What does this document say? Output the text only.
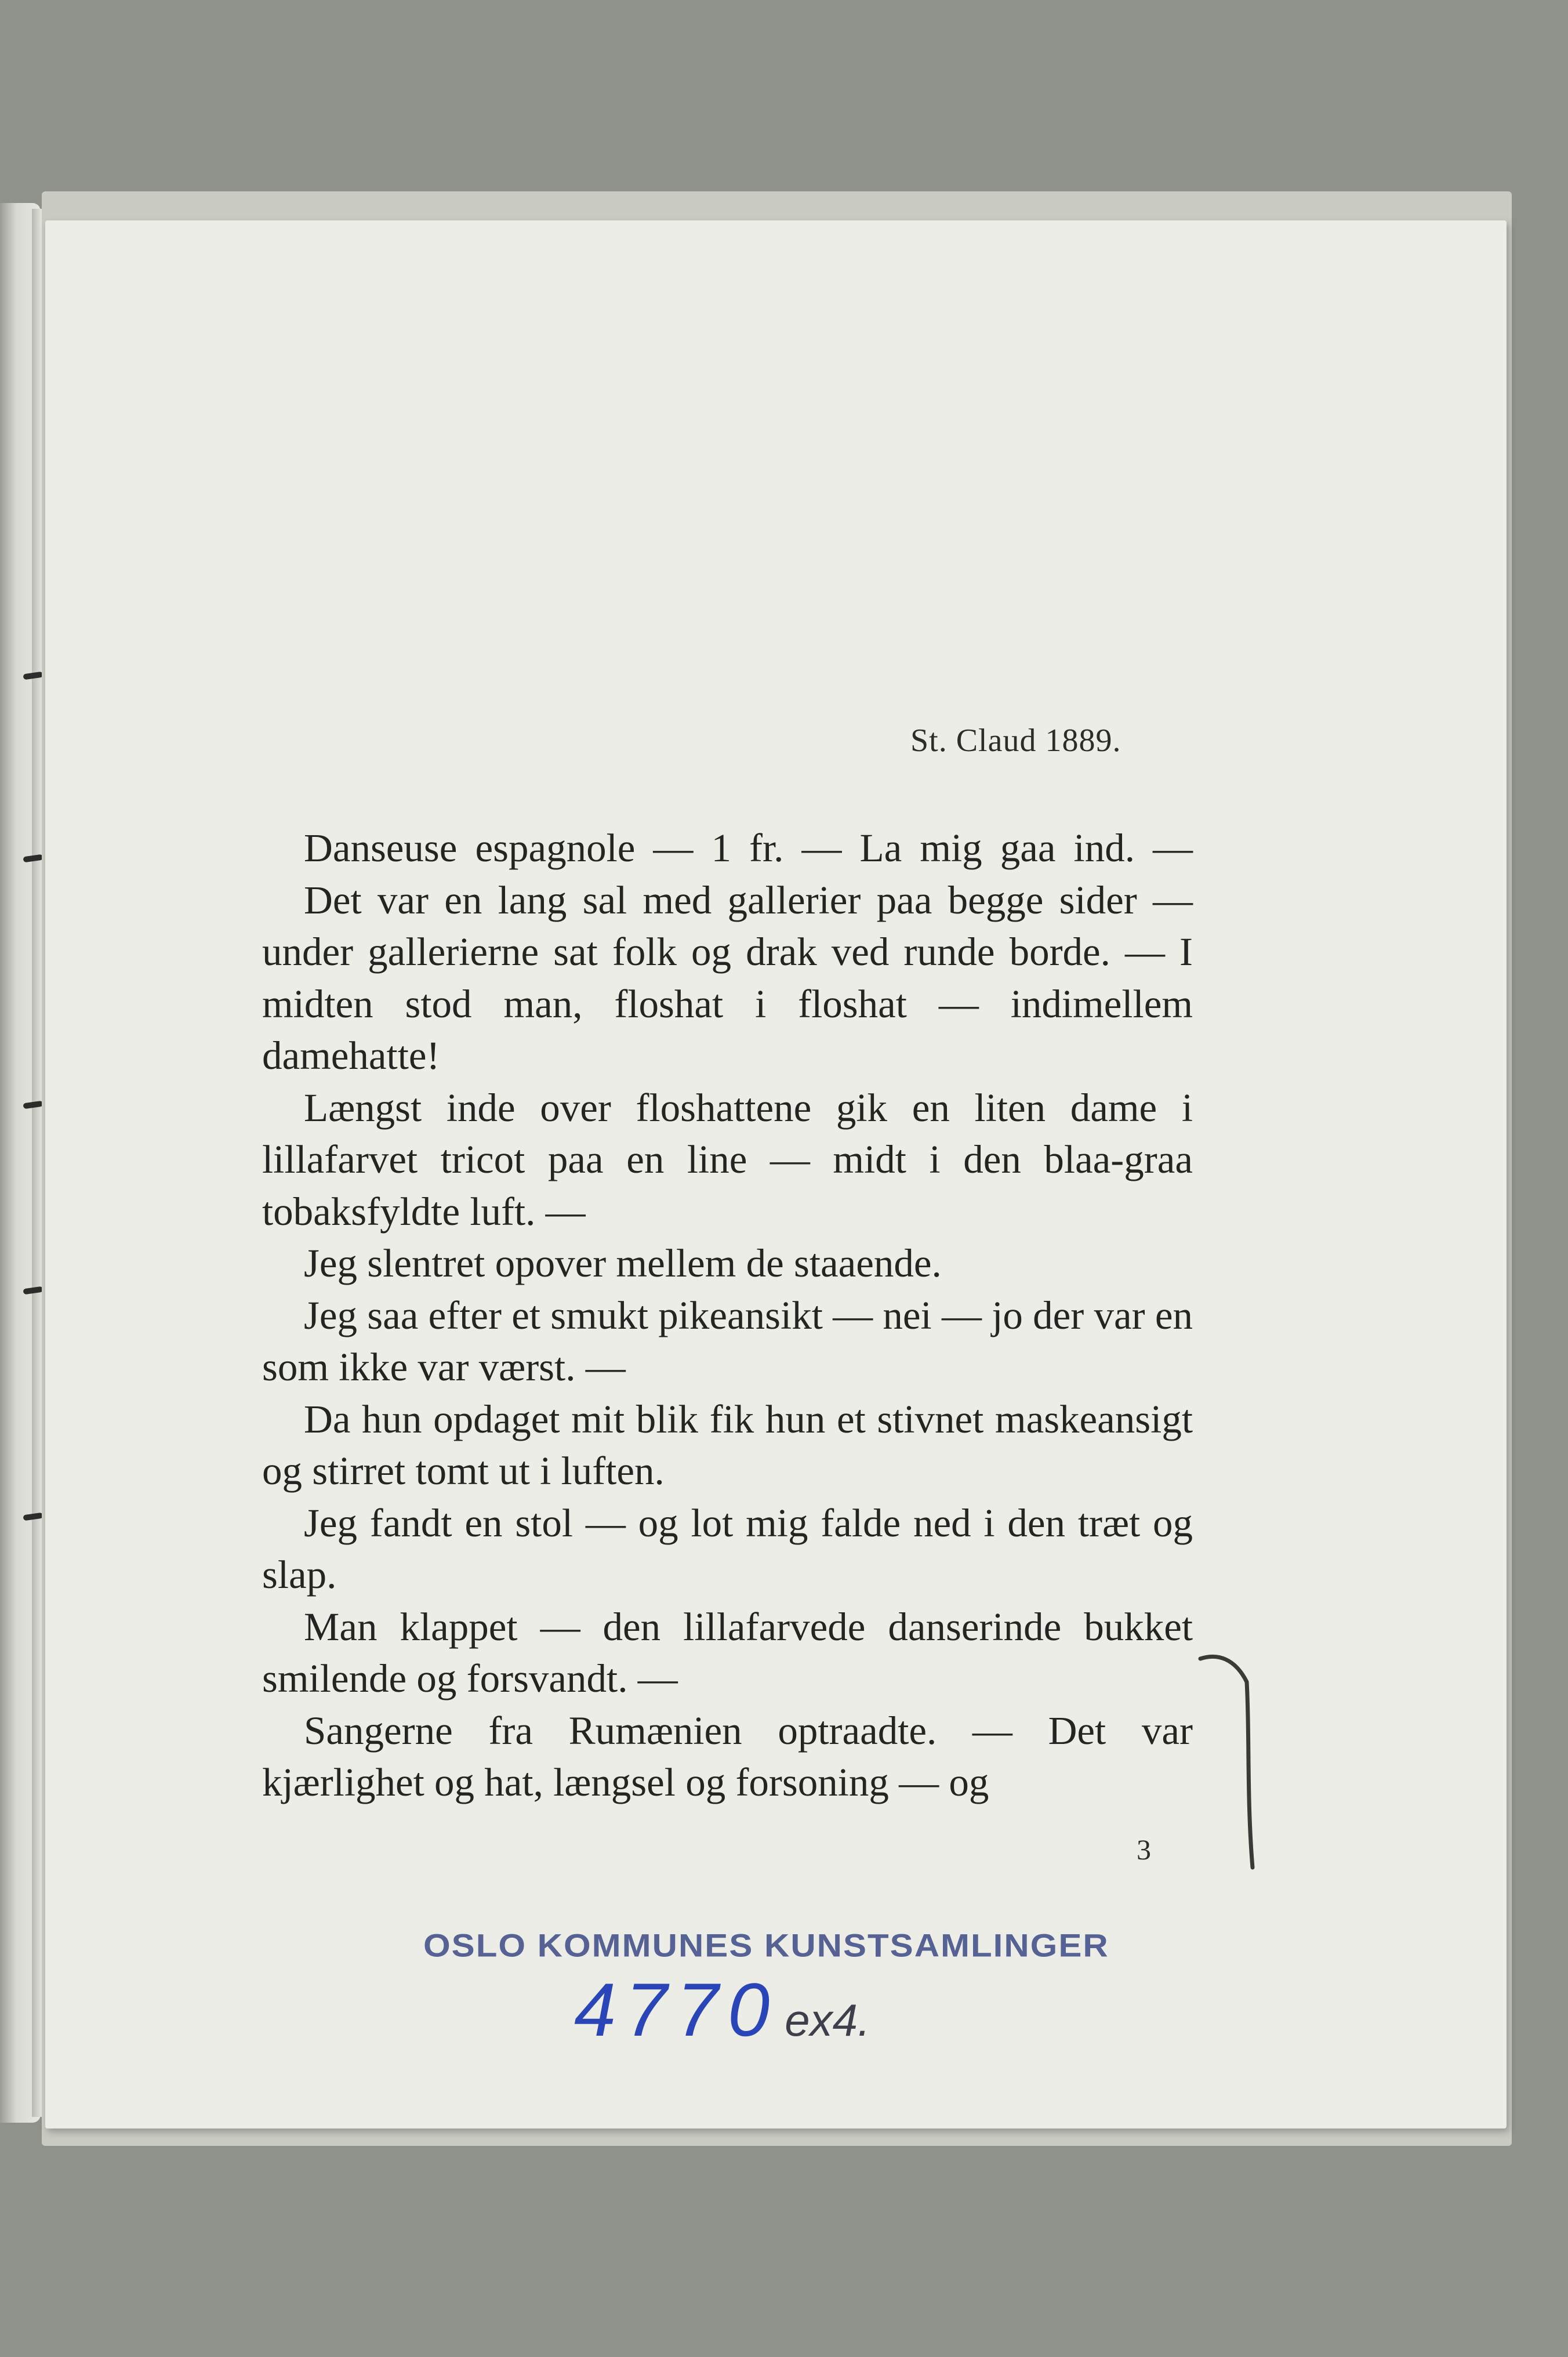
St. Claud 1889.

Danseuse espagnole — 1 fr. — La mig gaa ind. —

Det var en lang sal med gallerier paa begge sider — under gallerierne sat folk og drak ved runde borde. — I midten stod man, floshat i floshat — indimellem damehatte!

Længst inde over floshattene gik en liten dame i lillafarvet tricot paa en line — midt i den blaa‑graa tobaksfyldte luft. —

Jeg slentret opover mellem de staaende.

Jeg saa efter et smukt pikeansikt — nei — jo der var en som ikke var værst. —

Da hun opdaget mit blik fik hun et stivnet maskeansigt og stirret tomt ut i luften.

Jeg fandt en stol — og lot mig falde ned i den træt og slap.

Man klappet — den lillafarvede danserinde bukket smilende og forsvandt. —

Sangerne fra Rumænien optraadte. — Det var kjærlighet og hat, længsel og forsoning — og

3
OSLO KOMMUNES KUNSTSAMLINGER
4770 ex4.
